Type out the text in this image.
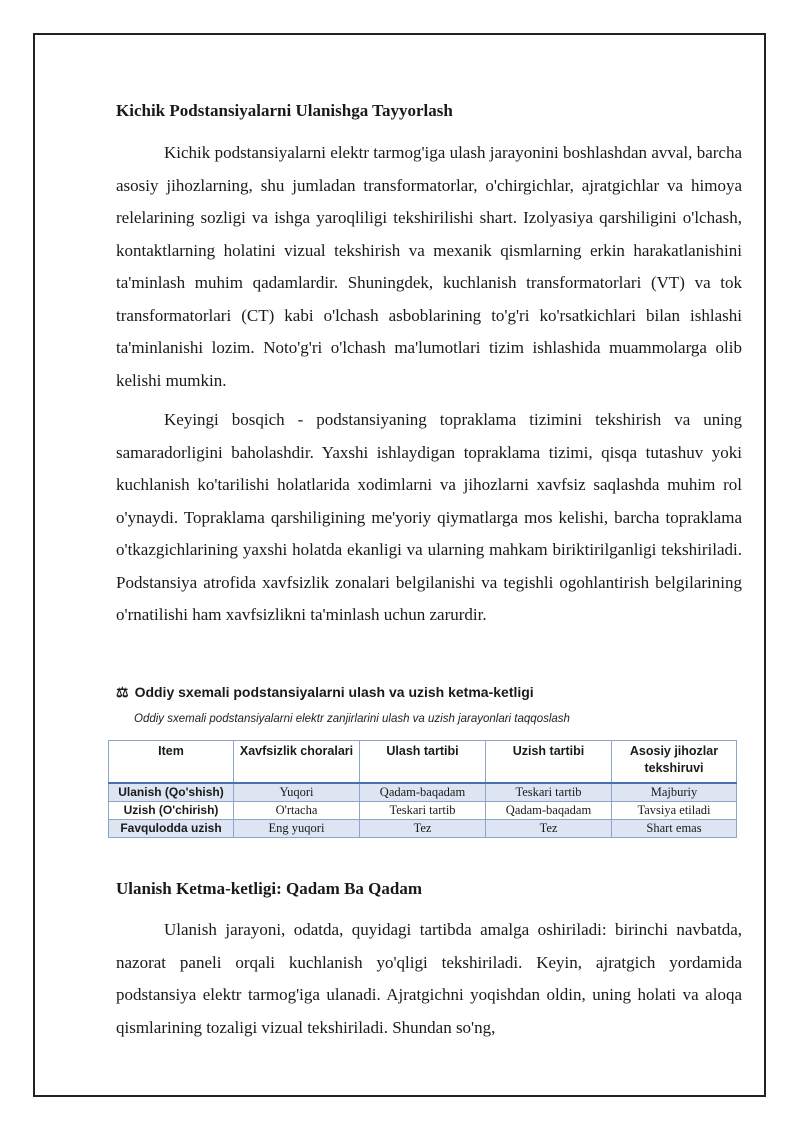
Kichik Podstansiyalarni Ulanishga Tayyorlash

Kichik podstansiyalarni elektr tarmog'iga ulash jarayonini boshlashdan avval, barcha asosiy jihozlarning, shu jumladan transformatorlar, o'chirgichlar, ajratgichlar va himoya relelarining sozligi va ishga yaroqliligi tekshirilishi shart. Izolyasiya qarshiligini o'lchash, kontaktlarning holatini vizual tekshirish va mexanik qismlarning erkin harakatlanishini ta'minlash muhim qadamlardir. Shuningdek, kuchlanish transformatorlari (VT) va tok transformatorlari (CT) kabi o'lchash asboblarining to'g'ri ko'rsatkichlari bilan ishlashi ta'minlanishi lozim. Noto'g'ri o'lchash ma'lumotlari tizim ishlashida muammolarga olib kelishi mumkin.

Keyingi bosqich - podstansiyaning topraklama tizimini tekshirish va uning samaradorligini baholashdir. Yaxshi ishlaydigan topraklama tizimi, qisqa tutashuv yoki kuchlanish ko'tarilishi holatlarida xodimlarni va jihozlarni xavfsiz saqlashda muhim rol o'ynaydi. Topraklama qarshiligining me'yoriy qiymatlarga mos kelishi, barcha topraklama o'tkazgichlarining yaxshi holatda ekanligi va ularning mahkam biriktirilganligi tekshiriladi. Podstansiya atrofida xavfsizlik zonalari belgilanishi va tegishli ogohlantirish belgilarining o'rnatilishi ham xavfsizlikni ta'minlash uchun zarurdir.

⚖ Oddiy sxemali podstansiyalarni ulash va uzish ketma-ketligi
Oddiy sxemali podstansiyalarni elektr zanjirlarini ulash va uzish jarayonlari taqqoslash
Ulanish Ketma-ketligi: Qadam Ba Qadam

Ulanish jarayoni, odatda, quyidagi tartibda amalga oshiriladi: birinchi navbatda, nazorat paneli orqali kuchlanish yo'qligi tekshiriladi. Keyin, ajratgich yordamida podstansiya elektr tarmog'iga ulanadi. Ajratgichni yoqishdan oldin, uning holati va aloqa qismlarining tozaligi vizual tekshiriladi. Shundan so'ng,

Item	Xavfsizlik choralari	Ulash tartibi	Uzish tartibi	Asosiy jihozlar tekshiruvi
Ulanish (Qo'shish)	Yuqori	Qadam-baqadam	Teskari tartib	Majburiy
Uzish (O'chirish)	O'rtacha	Teskari tartib	Qadam-baqadam	Tavsiya etiladi
Favqulodda uzish	Eng yuqori	Tez	Tez	Shart emas
